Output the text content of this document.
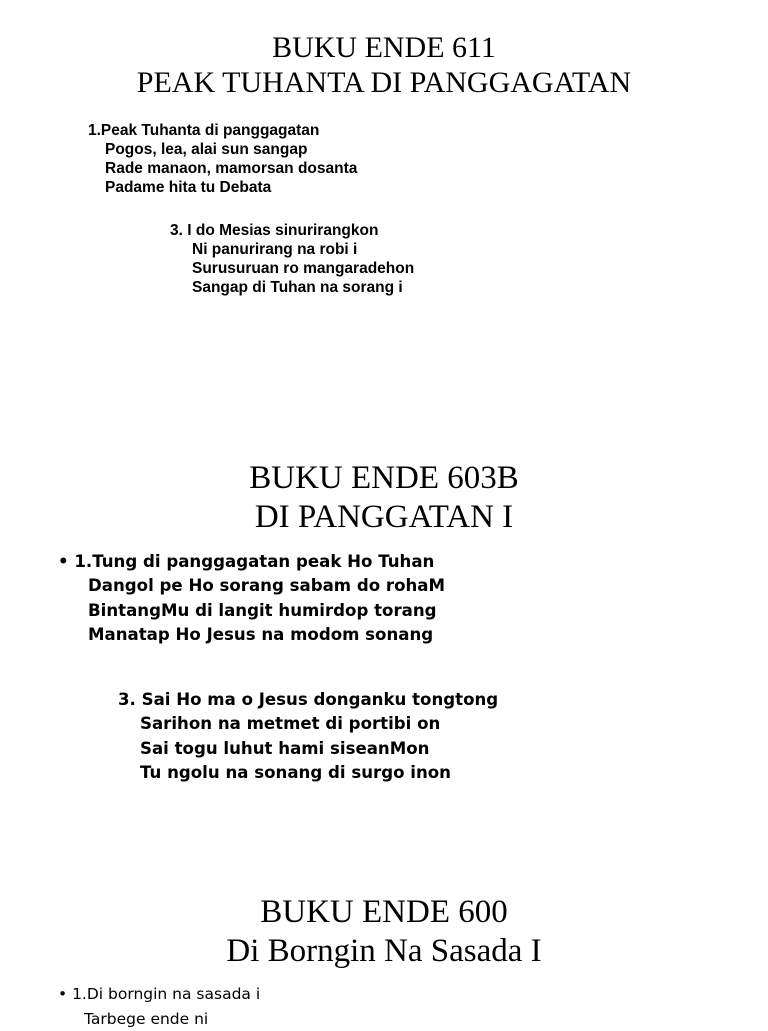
BUKU ENDE 611
PEAK TUHANTA DI PANGGAGATAN
1.Peak Tuhanta di panggagatan
Pogos, lea, alai sun sangap
Rade manaon, mamorsan dosanta
Padame hita tu Debata
3. I do Mesias sinurirangkon
Ni panurirang na robi i
Surusuruan ro mangaradehon
Sangap di Tuhan na sorang i
BUKU ENDE 603B
DI PANGGATAN I
• 1.Tung di panggagatan peak Ho Tuhan
Dangol pe Ho sorang sabam do rohaM
BintangMu di langit humirdop torang
Manatap Ho Jesus na modom sonang
3. Sai Ho ma o Jesus donganku tongtong
Sarihon na metmet di portibi on
Sai togu luhut hami siseanMon
Tu ngolu na sonang di surgo inon
BUKU ENDE 600
Di Borngin Na Sasada I
• 1.Di borngin na sasada i
Tarbege ende ni
